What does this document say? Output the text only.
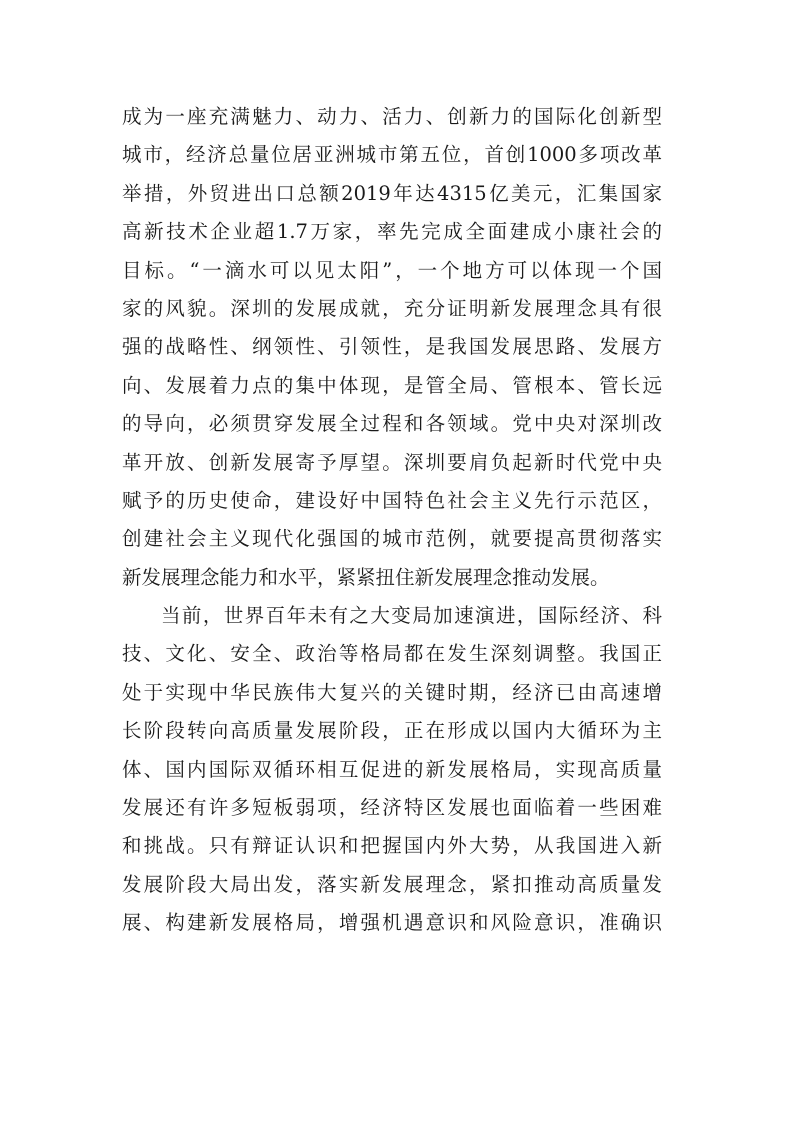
成为一座充满魅力、动力、活力、创新力的国际化创新型
城市，经济总量位居亚洲城市第五位，首创1000多项改革
举措，外贸进出口总额2019年达4315亿美元，汇集国家
高新技术企业超1.7万家，率先完成全面建成小康社会的
目标。“一滴水可以见太阳”，一个地方可以体现一个国
家的风貌。深圳的发展成就，充分证明新发展理念具有很
强的战略性、纲领性、引领性，是我国发展思路、发展方
向、发展着力点的集中体现，是管全局、管根本、管长远
的导向，必须贯穿发展全过程和各领域。党中央对深圳改
革开放、创新发展寄予厚望。深圳要肩负起新时代党中央
赋予的历史使命，建设好中国特色社会主义先行示范区，
创建社会主义现代化强国的城市范例，就要提高贯彻落实
新发展理念能力和水平，紧紧扭住新发展理念推动发展。
当前，世界百年未有之大变局加速演进，国际经济、科
技、文化、安全、政治等格局都在发生深刻调整。我国正
处于实现中华民族伟大复兴的关键时期，经济已由高速增
长阶段转向高质量发展阶段，正在形成以国内大循环为主
体、国内国际双循环相互促进的新发展格局，实现高质量
发展还有许多短板弱项，经济特区发展也面临着一些困难
和挑战。只有辩证认识和把握国内外大势，从我国进入新
发展阶段大局出发，落实新发展理念，紧扣推动高质量发
展、构建新发展格局，增强机遇意识和风险意识，准确识
